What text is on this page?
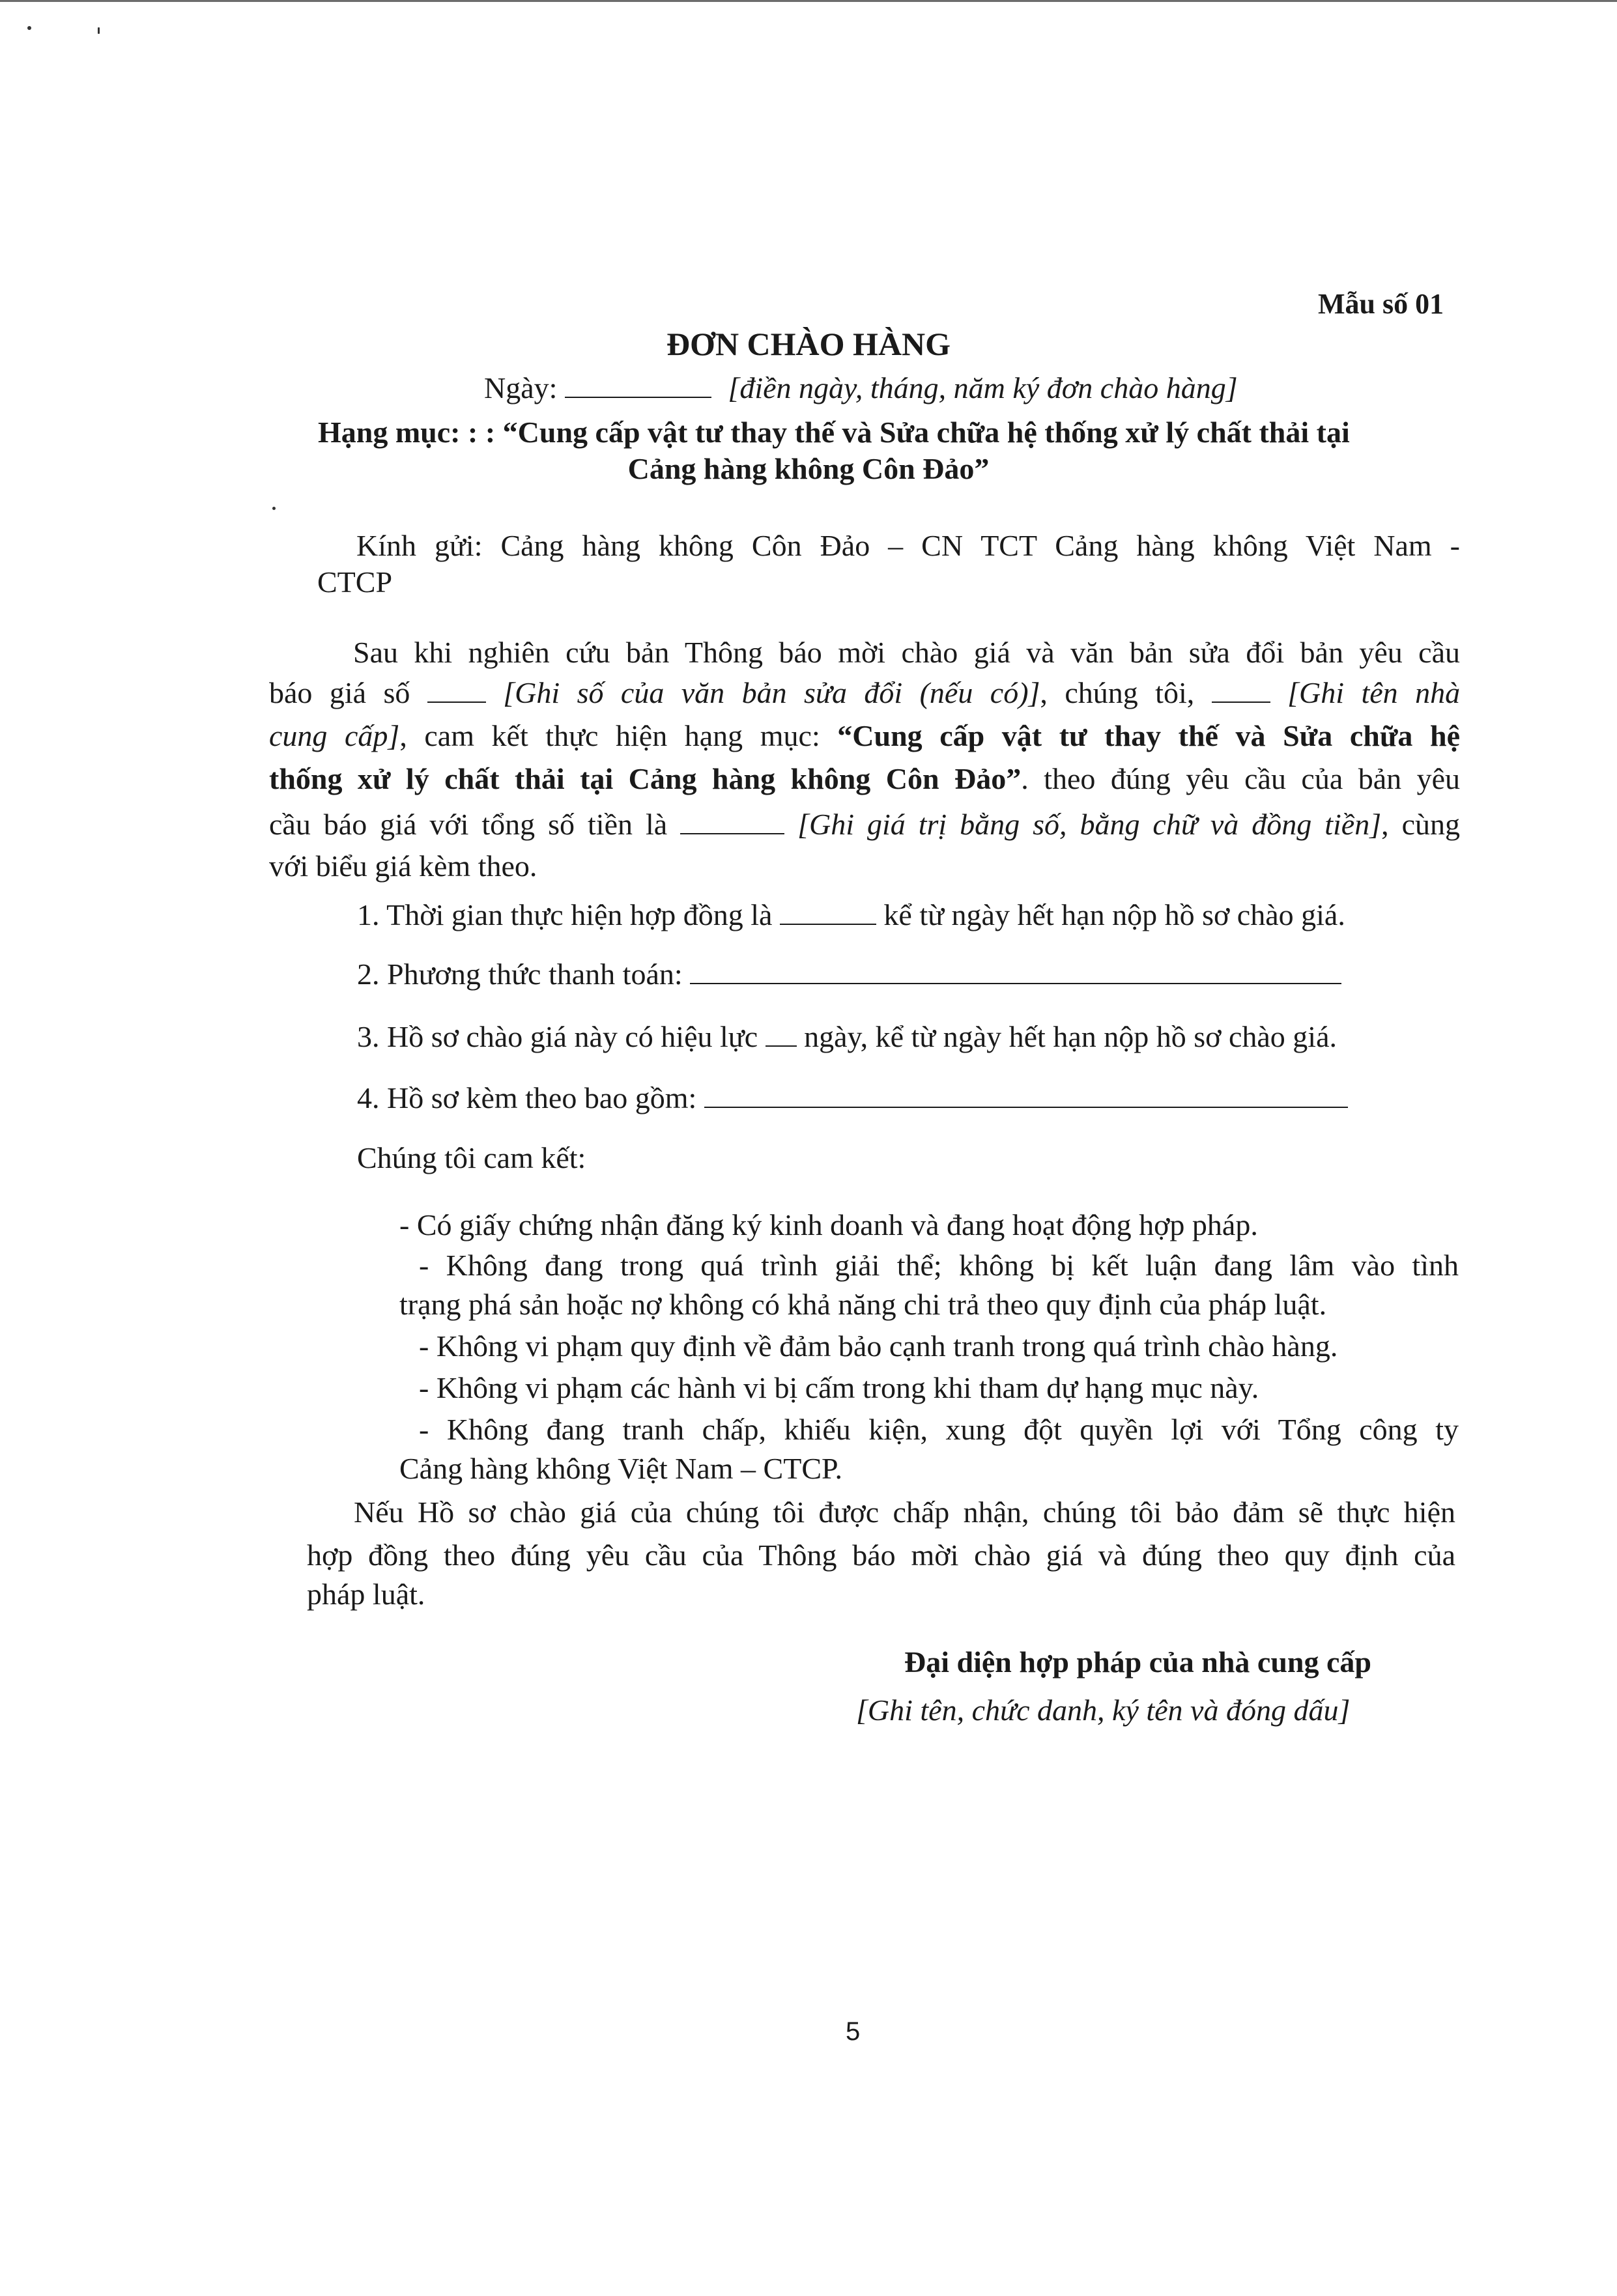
Mẫu số 01
ĐƠN CHÀO HÀNG
Ngày:	[điền ngày, tháng, năm ký đơn chào hàng]
Hạng mục: : : “Cung cấp vật tư thay thế và Sửa chữa hệ thống xử lý chất thải tại
Cảng hàng không Côn Đảo”
Kính gửi: Cảng hàng không Côn Đảo – CN TCT Cảng hàng không Việt Nam -
CTCP
Sau khi nghiên cứu bản Thông báo mời chào giá và văn bản sửa đổi bản yêu cầu
báo giá số	[Ghi số của văn bản sửa đổi (nếu có)], chúng tôi,	[Ghi tên nhà
cung cấp], cam kết thực hiện hạng mục: “Cung cấp vật tư thay thế và Sửa chữa hệ
thống xử lý chất thải tại Cảng hàng không Côn Đảo”. theo đúng yêu cầu của bản yêu
cầu báo giá với tổng số tiền là	[Ghi giá trị bằng số, bằng chữ và đồng tiền], cùng
với biểu giá kèm theo.
1. Thời gian thực hiện hợp đồng là	kể từ ngày hết hạn nộp hồ sơ chào giá.
2. Phương thức thanh toán:
3. Hồ sơ chào giá này có hiệu lực ngày, kể từ ngày hết hạn nộp hồ sơ chào giá.
4. Hồ sơ kèm theo bao gồm:
Chúng tôi cam kết:
- Có giấy chứng nhận đăng ký kinh doanh và đang hoạt động hợp pháp.
- Không đang trong quá trình giải thể; không bị kết luận đang lâm vào tình
trạng phá sản hoặc nợ không có khả năng chi trả theo quy định của pháp luật.
- Không vi phạm quy định về đảm bảo cạnh tranh trong quá trình chào hàng.
- Không vi phạm các hành vi bị cấm trong khi tham dự hạng mục này.
- Không đang tranh chấp, khiếu kiện, xung đột quyền lợi với Tổng công ty
Cảng hàng không Việt Nam – CTCP.
Nếu Hồ sơ chào giá của chúng tôi được chấp nhận, chúng tôi bảo đảm sẽ thực hiện
hợp đồng theo đúng yêu cầu của Thông báo mời chào giá và đúng theo quy định của
pháp luật.
Đại diện hợp pháp của nhà cung cấp
[Ghi tên, chức danh, ký tên và đóng dấu]
5
